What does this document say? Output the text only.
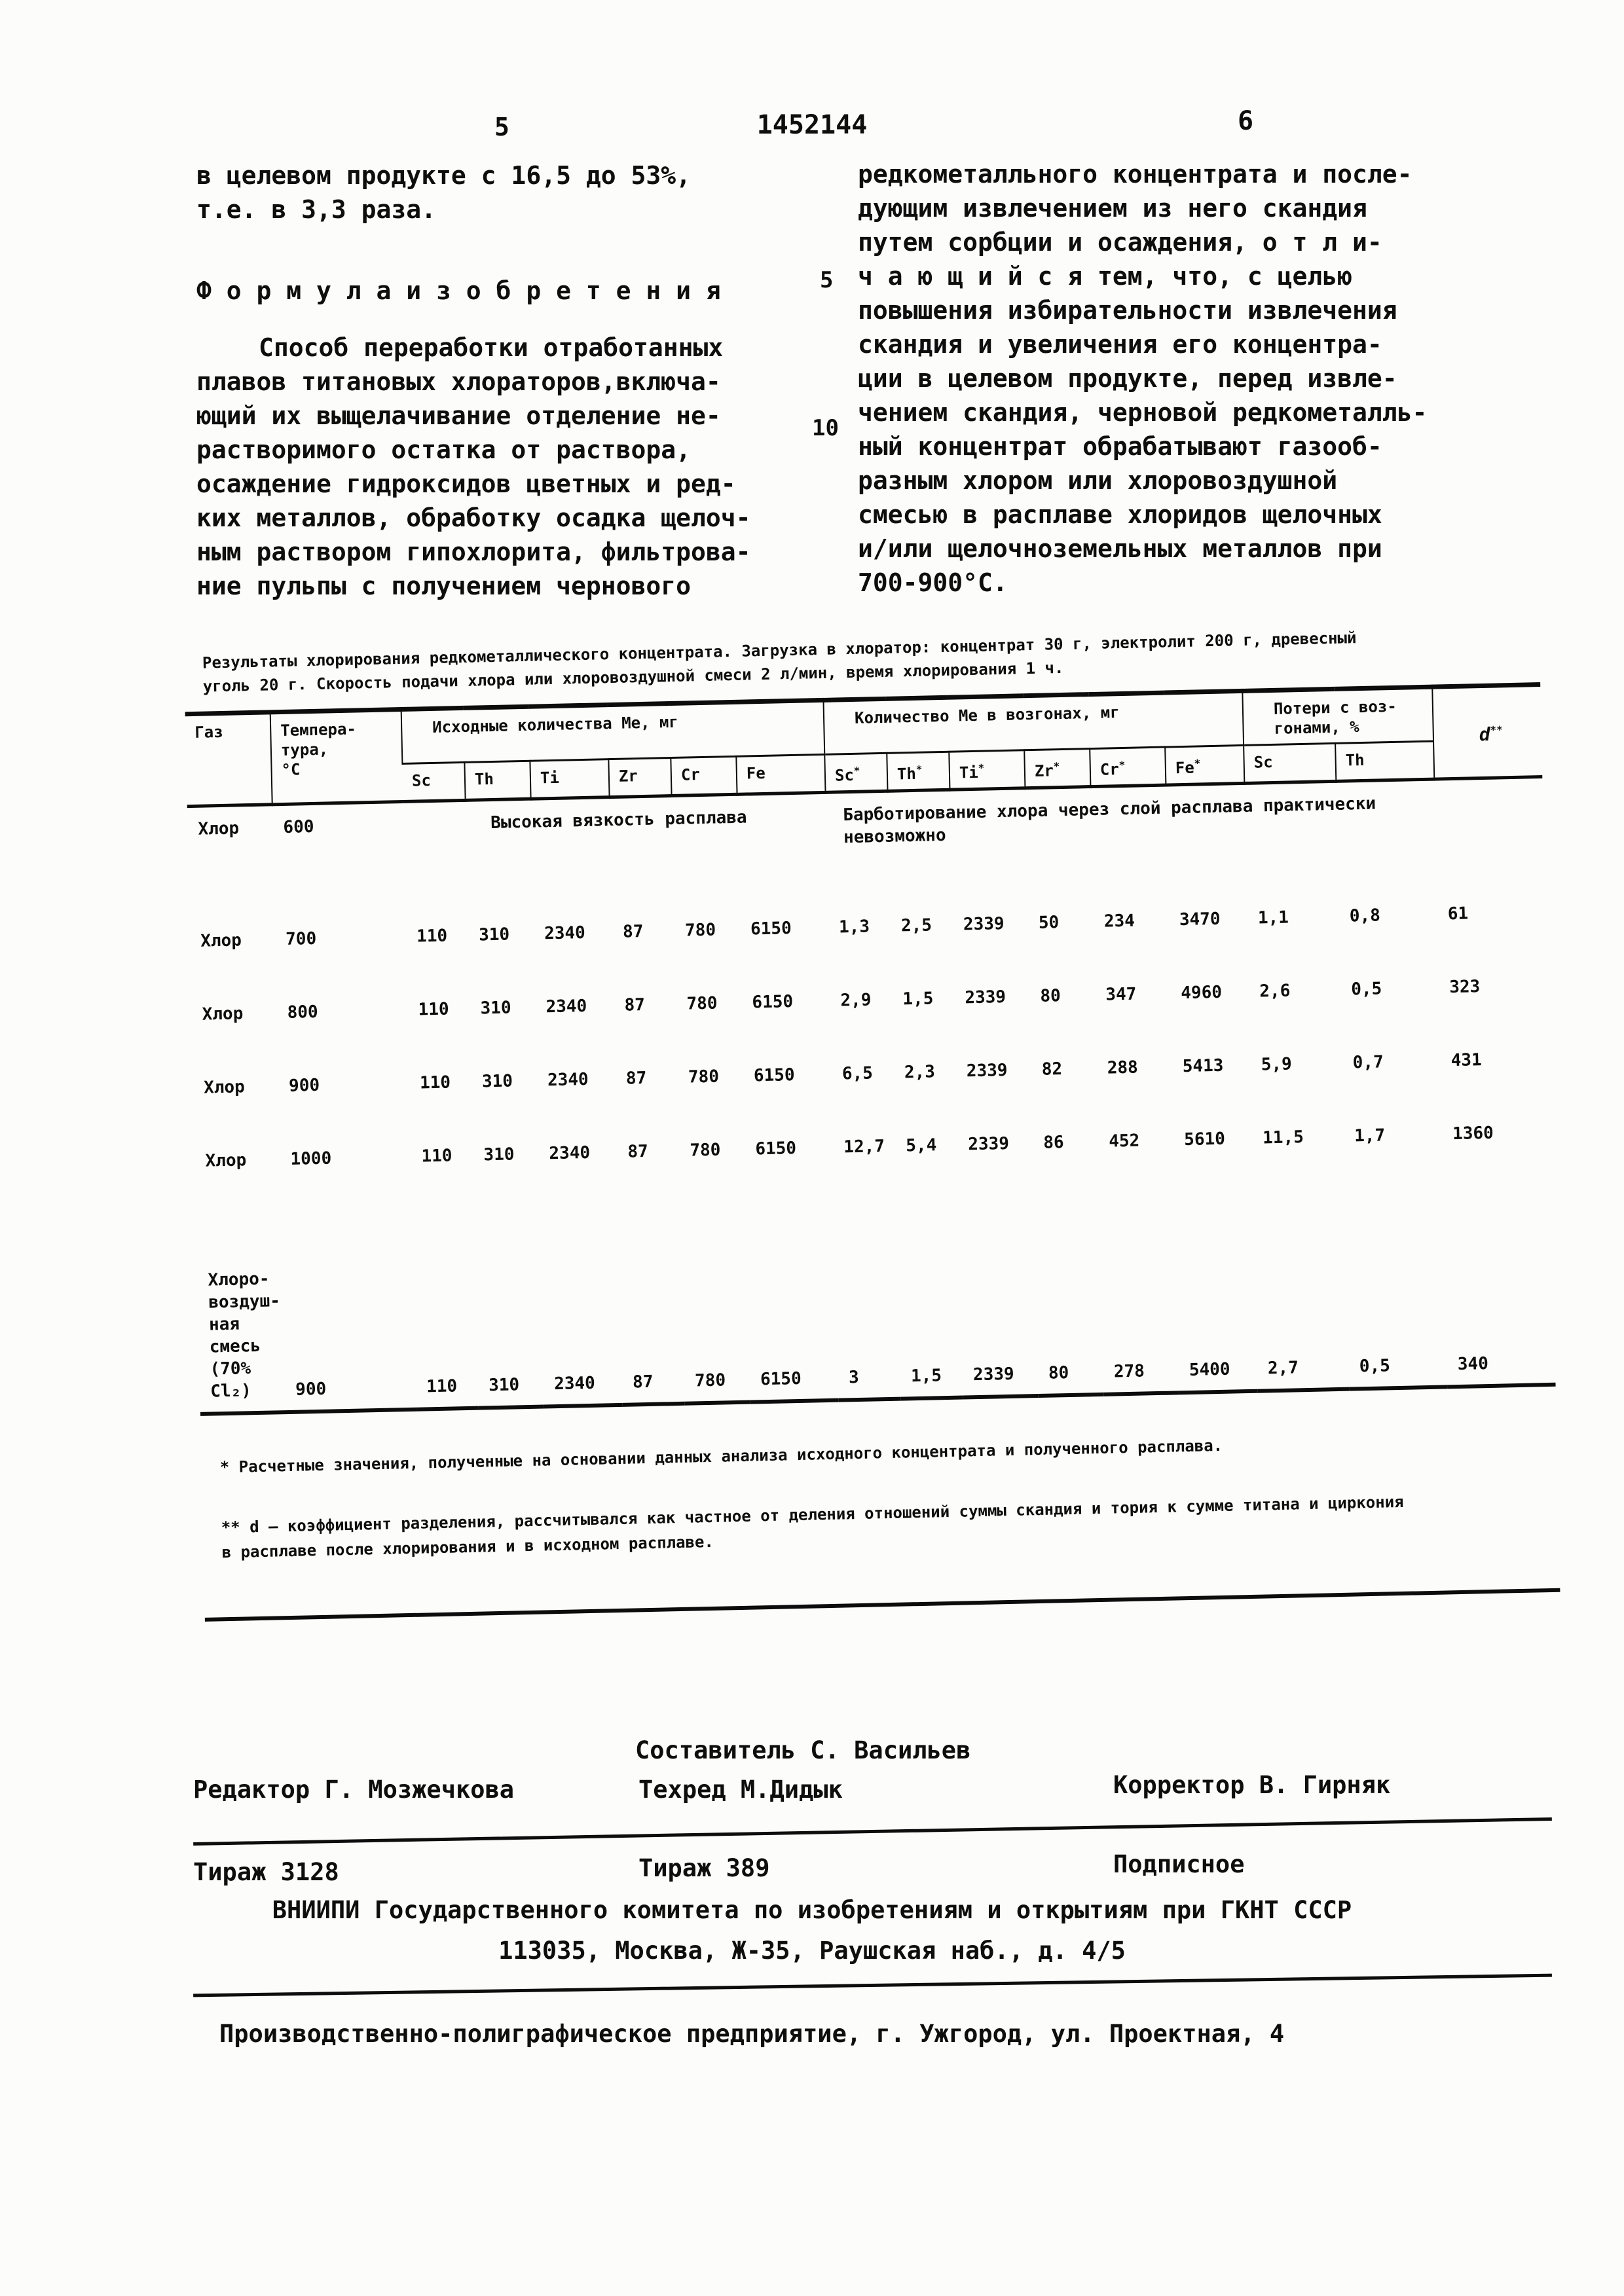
5	1452144	6

в целевом продукте с 16,5 до 53%,
т.е. в 3,3 раза.

Ф о р м у л а и з о б р е т е н и я

Способ переработки отработанных
плавов титановых хлораторов,включа-
ющий их выщелачивание отделение не-
растворимого остатка от раствора,
осаждение гидроксидов цветных и ред-
ких металлов, обработку осадка щелоч-
ным раствором гипохлорита, фильтрова-
ние пульпы с получением чернового

5
10

редкометалльного концентрата и после-
дующим извлечением из него скандия
путем сорбции и осаждения, о т л и-
ч а ю щ и й с я тем, что, с целью
повышения избирательности извлечения
скандия и увеличения его концентра-
ции в целевом продукте, перед извле-
чением скандия, черновой редкометалль-
ный концентрат обрабатывают газооб-
разным хлором или хлоровоздушной
смесью в расплаве хлоридов щелочных
и/или щелочноземельных металлов при
700-900°С.

Результаты хлорирования редкометаллического концентрата. Загрузка в хлоратор: концентрат 30 г, электролит 200 г, древесный
уголь 20 г. Скорость подачи хлора или хлоровоздушной смеси 2 л/мин, время хлорирования 1 ч.

Газ	Темпера-
тура,
°С	Исходные количества Ме, мг						Количество Ме в возгонах, мг						Потери с воз-
гонами, %		d**
		Sc	Th	Ti	Zr	Cr	Fe	Sc*	Th*	Ti*	Zr*	Cr*	Fe*	Sc	Th	
Хлор	600	Высокая вязкость расплава						Барботирование хлора через слой расплава практически
невозможно								
Хлор	700	110	310	2340	87	780	6150	1,3	2,5	2339	50	234	3470	1,1	0,8	61
Хлор	800	110	310	2340	87	780	6150	2,9	1,5	2339	80	347	4960	2,6	0,5	323
Хлор	900	110	310	2340	87	780	6150	6,5	2,3	2339	82	288	5413	5,9	0,7	431
Хлор	1000	110	310	2340	87	780	6150	12,7	5,4	2339	86	452	5610	11,5	1,7	1360
Хлоро-
воздуш-
ная
смесь
(70%
Cl₂)	900	110	310	2340	87	780	6150	3	1,5	2339	80	278	5400	2,7	0,5	340

* Расчетные значения, полученные на основании данных анализа исходного концентрата и полученного расплава.

** d – коэффициент разделения, рассчитывался как частное от деления отношений суммы скандия и тория к сумме титана и циркония
в расплаве после хлорирования и в исходном расплаве.

Составитель С. Васильев
Редактор Г. Мозжечкова	Техред М.Дидык	Корректор В. Гирняк
Тираж 3128	Тираж 389	Подписное
ВНИИПИ Государственного комитета по изобретениям и открытиям при ГКНТ СССР
113035, Москва, Ж-35, Раушская наб., д. 4/5
Производственно-полиграфическое предприятие, г. Ужгород, ул. Проектная, 4
